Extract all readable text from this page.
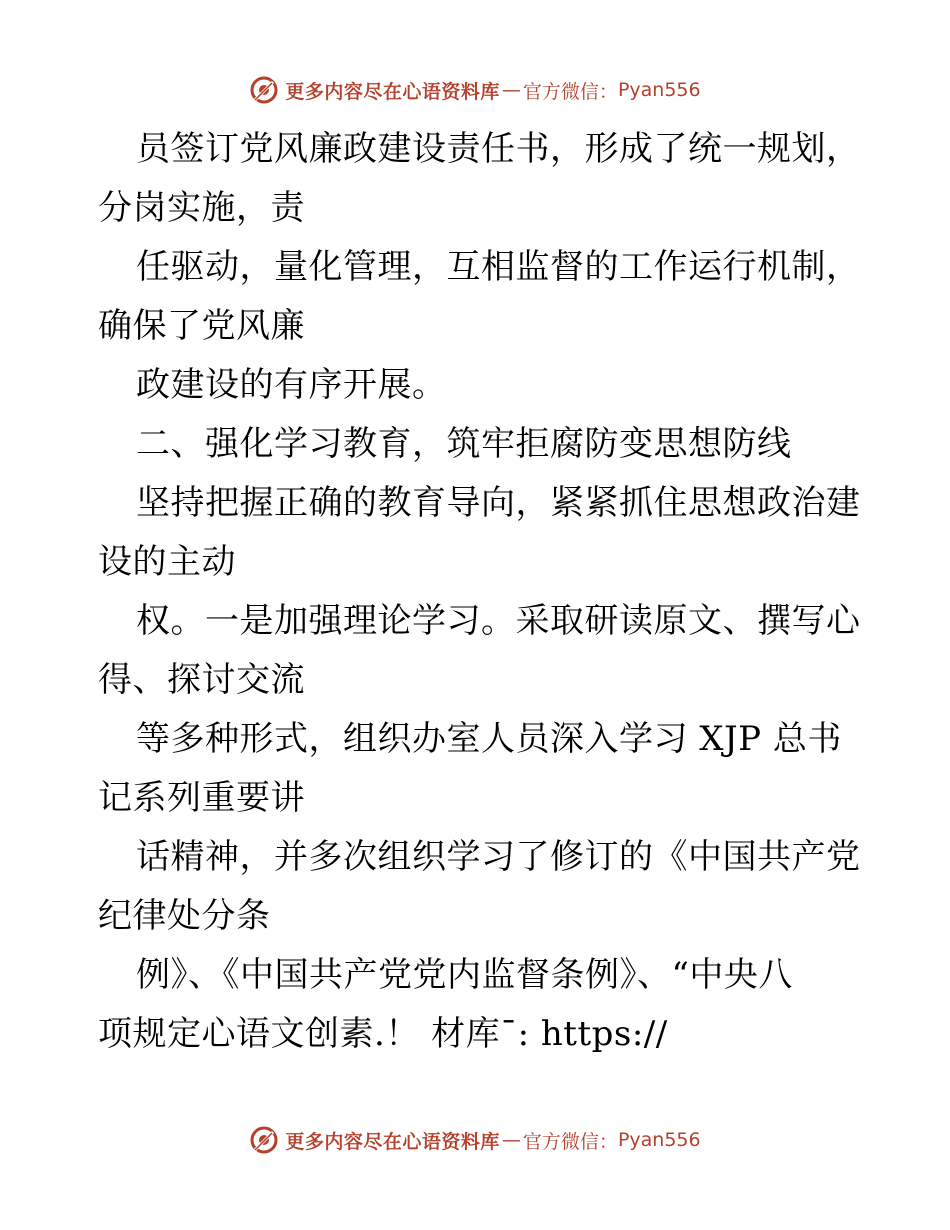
更多内容尽在心语资料库 — 官方微信： Pyan556
员签订党风廉政建设责任书，形成了统一规划，
分岗实施，责
任驱动，量化管理，互相监督的工作运行机制，
确保了党风廉
政建设的有序开展。
二、强化学习教育，筑牢拒腐防变思想防线
坚持把握正确的教育导向，紧紧抓住思想政治建
设的主动
权。一是加强理论学习。采取研读原文、撰写心
得、探讨交流
等多种形式，组织办室人员深入学习 XJP 总书
记系列重要讲
话精神，并多次组织学习了修订的《中国共产党
纪律处分条
例》、《中国共产党党内监督条例》、“中央八
项规定心语文创素.！ 材库¯: https://
更多内容尽在心语资料库 — 官方微信： Pyan556
